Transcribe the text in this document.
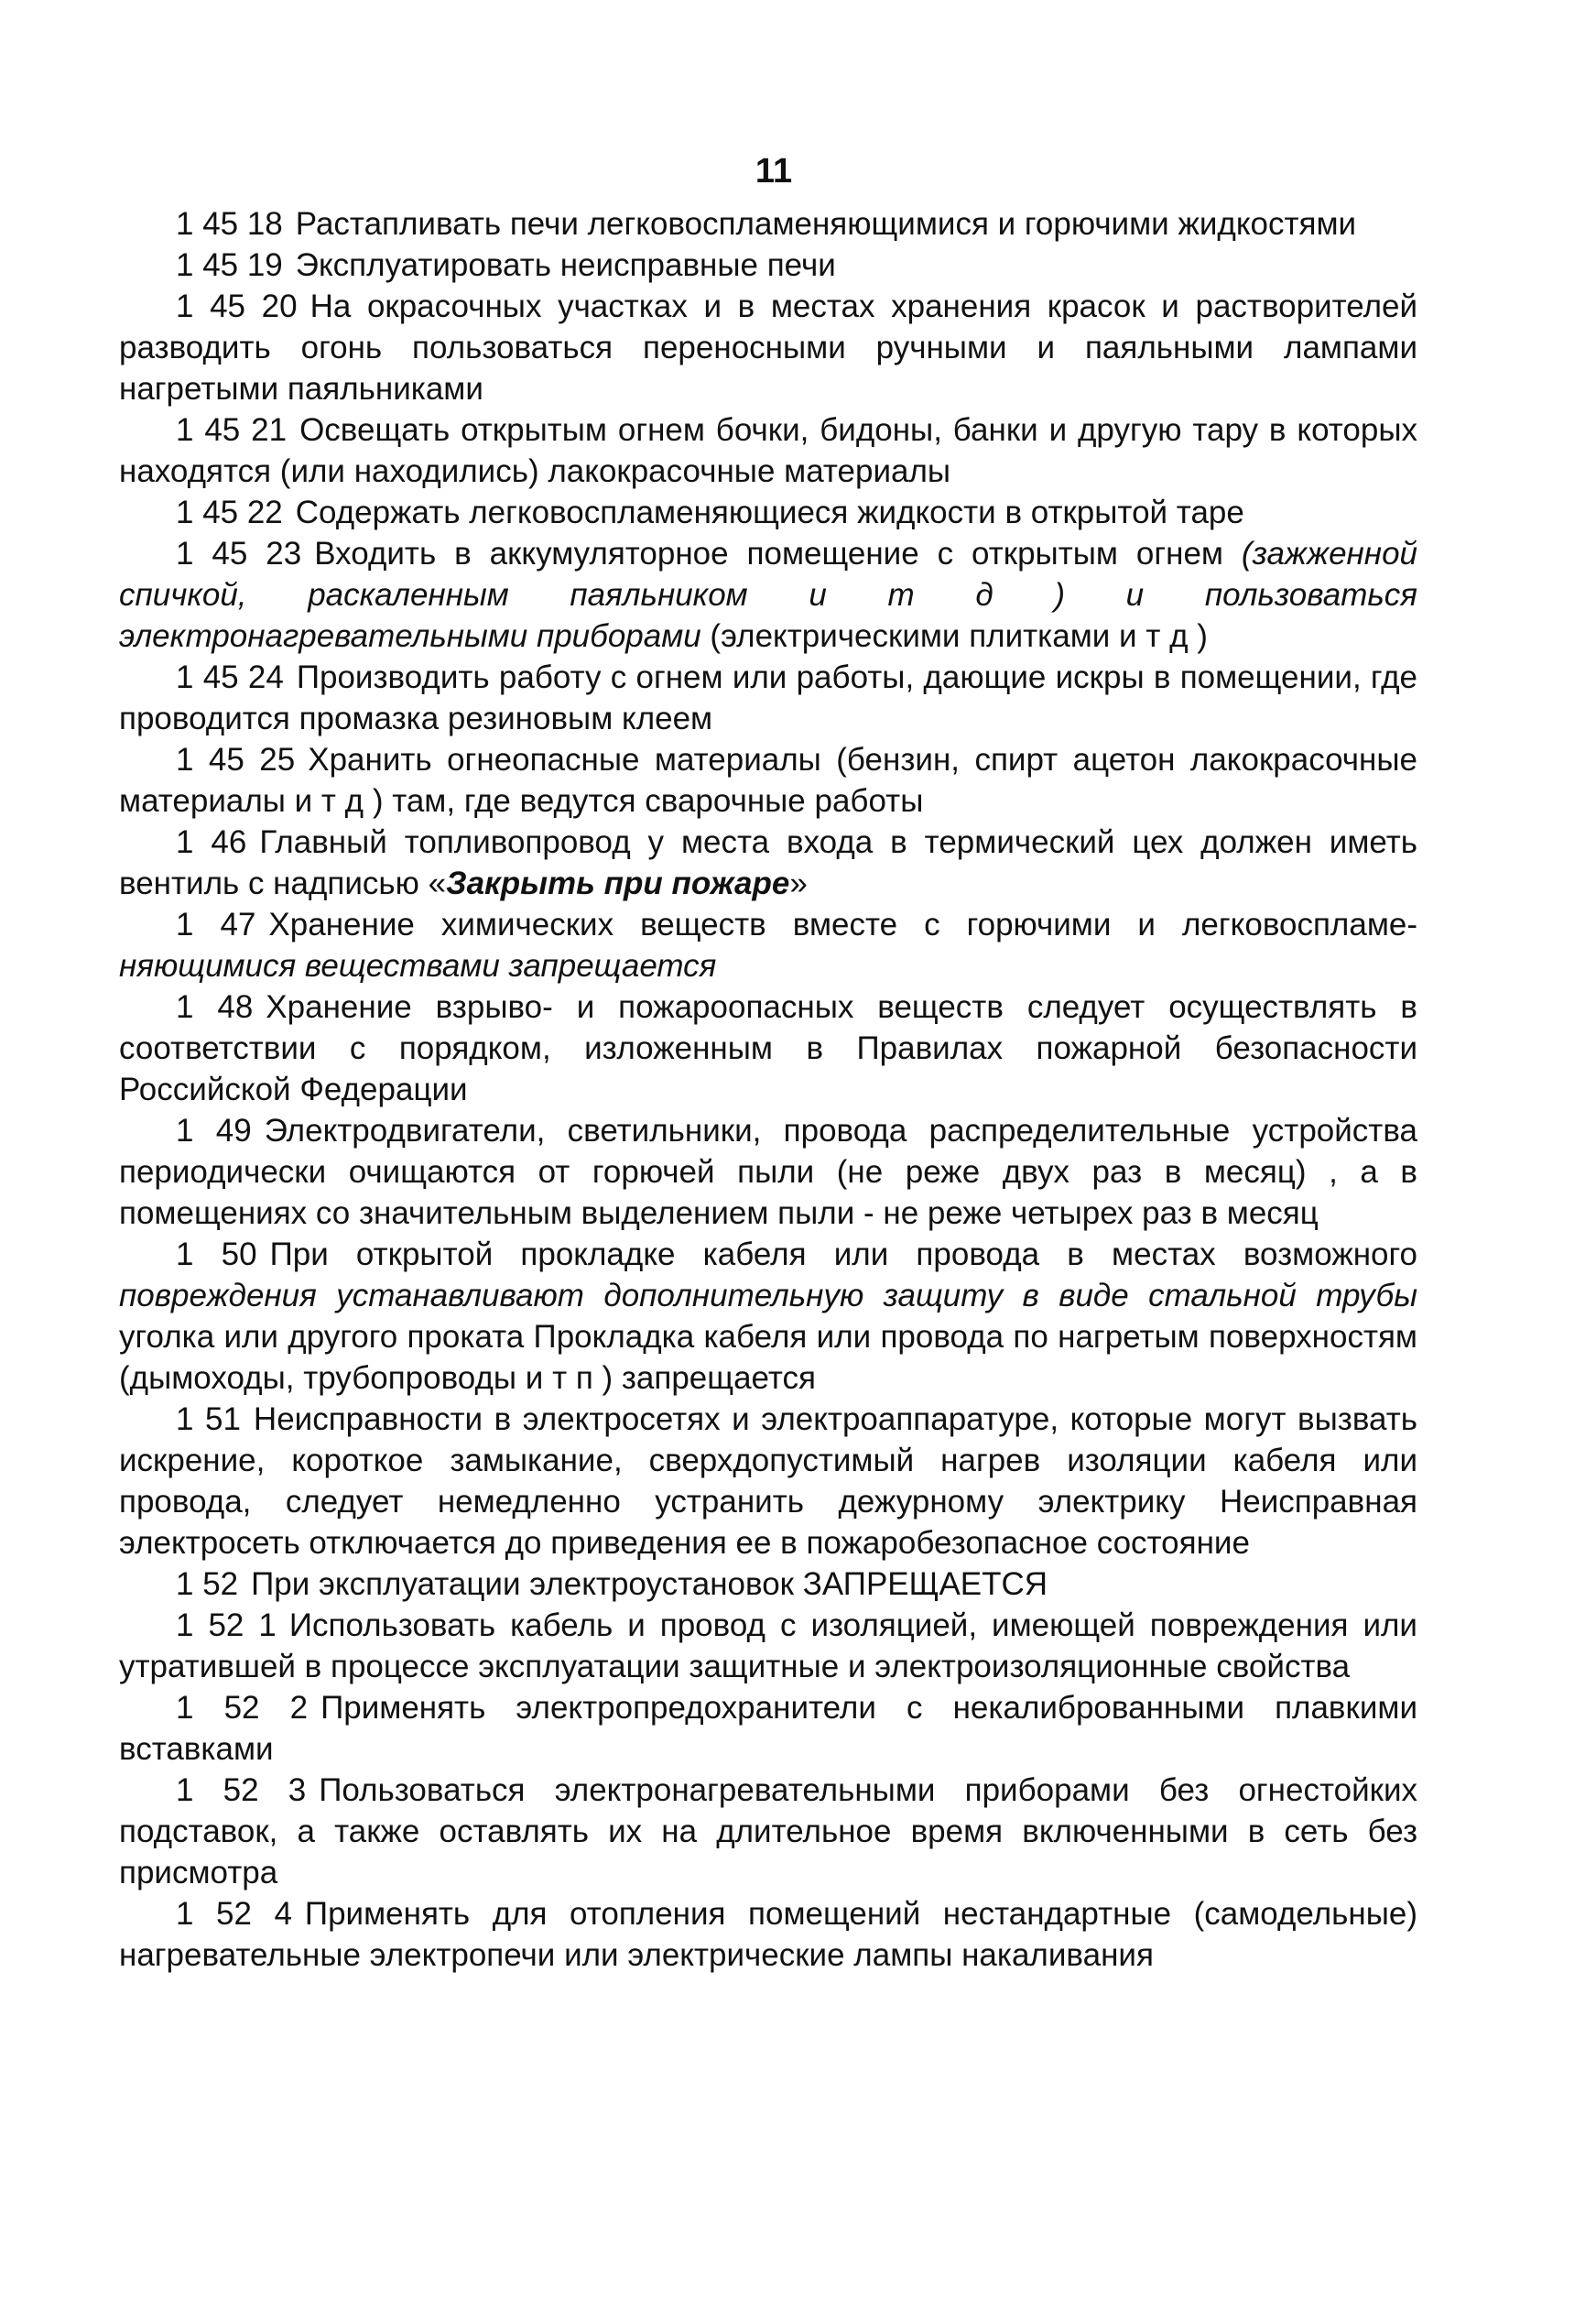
11

1 45 18 Растапливать печи легковоспламеняющимися и горючими жидкостями

1 45 19 Эксплуатировать неисправные печи

1 45 20 На окрасочных участках и в местах хранения красок и растворителей разводить огонь пользоваться переносными ручными и паяльными лампами нагретыми паяльниками

1 45 21 Освещать открытым огнем бочки, бидоны, банки и другую тару в которых находятся (или находились) лакокрасочные материалы

1 45 22 Содержать легковоспламеняющиеся жидкости в открытой таре

1 45 23 Входить в аккумуляторное помещение с открытым огнем (зажженной спичкой, раскаленным паяльником и т д ) и пользоваться электронагревательными приборами (электрическими плитками и т д )

1 45 24 Производить работу с огнем или работы, дающие искры в помещении, где проводится промазка резиновым клеем

1 45 25 Хранить огнеопасные материалы (бензин, спирт ацетон лакокрасочные материалы и т д ) там, где ведутся сварочные работы

1 46 Главный топливопровод у места входа в термический цех должен иметь вентиль с надписью «Закрыть при пожаре»

1 47 Хранение химических веществ вместе с горючими и легковоспламе-няющимися веществами запрещается

1 48 Хранение взрыво- и пожароопасных веществ следует осуществлять в соответствии с порядком, изложенным в Правилах пожарной безопасности Российской Федерации

1 49 Электродвигатели, светильники, провода распределительные устройства периодически очищаются от горючей пыли (не реже двух раз в месяц) , а в помещениях со значительным выделением пыли - не реже четырех раз в месяц

1 50 При открытой прокладке кабеля или провода в местах возможного повреждения устанавливают дополнительную защиту в виде стальной трубы уголка или другого проката Прокладка кабеля или провода по нагретым поверхностям (дымоходы, трубопроводы и т п ) запрещается

1 51 Неисправности в электросетях и электроаппаратуре, которые могут вызвать искрение, короткое замыкание, сверхдопустимый нагрев изоляции кабеля или провода, следует немедленно устранить дежурному электрику Неисправная электросеть отключается до приведения ее в пожаробезопасное состояние

1 52 При эксплуатации электроустановок ЗАПРЕЩАЕТСЯ

1 52 1 Использовать кабель и провод с изоляцией, имеющей повреждения или утратившей в процессе эксплуатации защитные и электроизоляционные свойства

1 52 2 Применять электропредохранители с некалиброванными плавкими вставками

1 52 3 Пользоваться электронагревательными приборами без огнестойких подставок, а также оставлять их на длительное время включенными в сеть без присмотра

1 52 4 Применять для отопления помещений нестандартные (самодельные) нагревательные электропечи или электрические лампы накаливания
